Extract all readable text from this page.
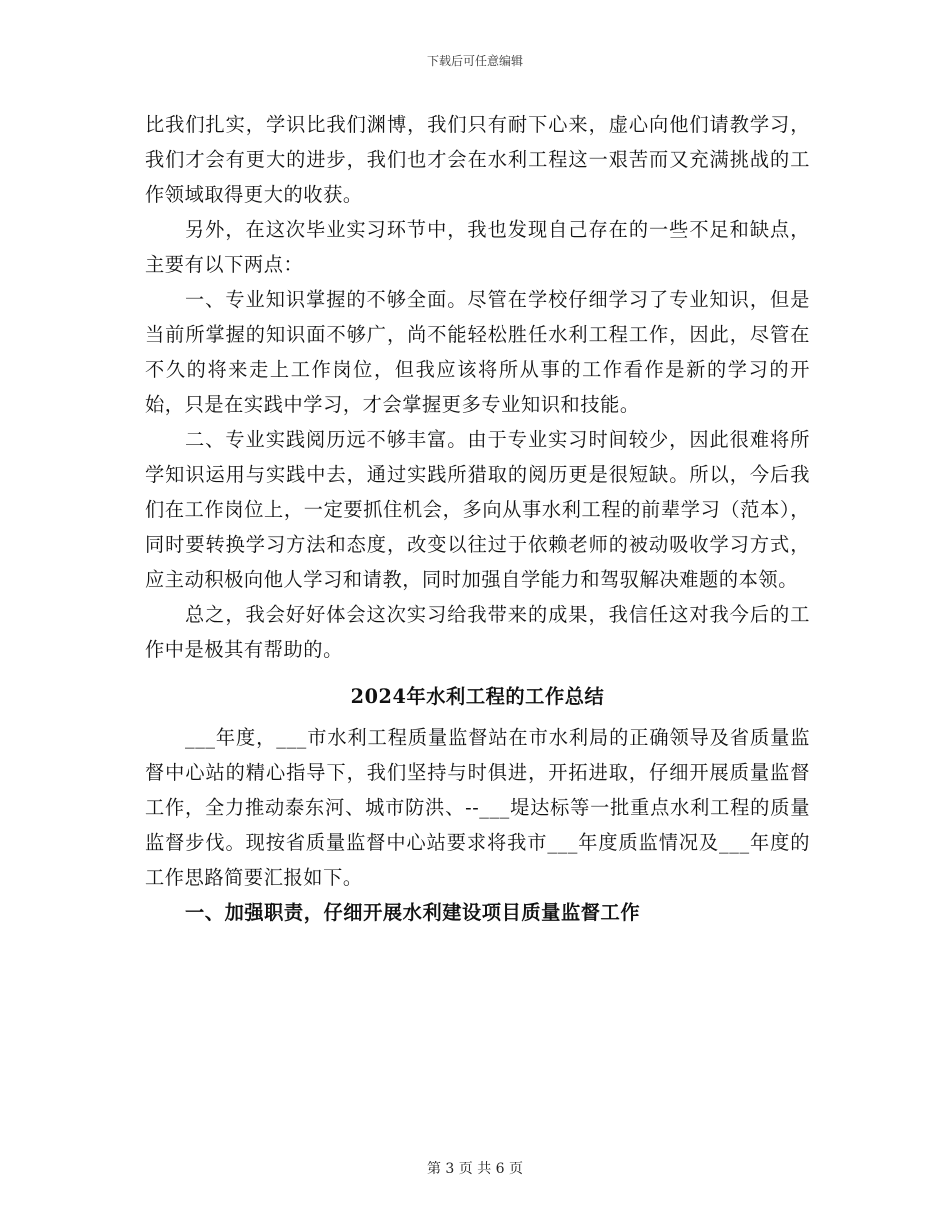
下载后可任意编辑

比我们扎实，学识比我们渊博，我们只有耐下心来，虚心向他们请教学习，我们才会有更大的进步，我们也才会在水利工程这一艰苦而又充满挑战的工作领域取得更大的收获。

另外，在这次毕业实习环节中，我也发现自己存在的一些不足和缺点，主要有以下两点：

一、专业知识掌握的不够全面。尽管在学校仔细学习了专业知识，但是当前所掌握的知识面不够广，尚不能轻松胜任水利工程工作，因此，尽管在不久的将来走上工作岗位，但我应该将所从事的工作看作是新的学习的开始，只是在实践中学习，才会掌握更多专业知识和技能。

二、专业实践阅历远不够丰富。由于专业实习时间较少，因此很难将所学知识运用与实践中去，通过实践所猎取的阅历更是很短缺。所以，今后我们在工作岗位上，一定要抓住机会，多向从事水利工程的前辈学习（范本），同时要转换学习方法和态度，改变以往过于依赖老师的被动吸收学习方式，应主动积极向他人学习和请教，同时加强自学能力和驾驭解决难题的本领。

总之，我会好好体会这次实习给我带来的成果，我信任这对我今后的工作中是极其有帮助的。

2024年水利工程的工作总结

___年度，___市水利工程质量监督站在市水利局的正确领导及省质量监督中心站的精心指导下，我们坚持与时俱进，开拓进取，仔细开展质量监督工作，全力推动泰东河、城市防洪、--___堤达标等一批重点水利工程的质量监督步伐。现按省质量监督中心站要求将我市___年度质监情况及___年度的工作思路简要汇报如下。

一、加强职责，仔细开展水利建设项目质量监督工作

第 3 页 共 6 页
